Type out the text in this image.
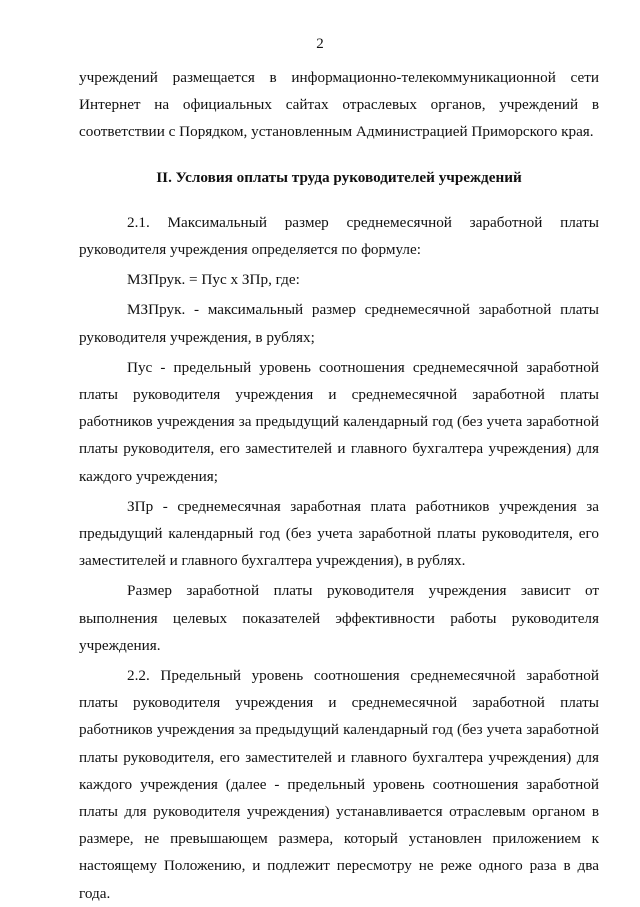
2

учреждений размещается в информационно-телекоммуникационной сети Интернет на официальных сайтах отраслевых органов, учреждений в соответствии с Порядком, установленным Администрацией Приморского края.

II. Условия оплаты труда руководителей учреждений

2.1. Максимальный размер среднемесячной заработной платы руководителя учреждения определяется по формуле:

МЗПрук. = Пус х ЗПр, где:

МЗПрук. - максимальный размер среднемесячной заработной платы руководителя учреждения, в рублях;

Пус - предельный уровень соотношения среднемесячной заработной платы руководителя учреждения и среднемесячной заработной платы работников учреждения за предыдущий календарный год (без учета заработной платы руководителя, его заместителей и главного бухгалтера учреждения) для каждого учреждения;

ЗПр - среднемесячная заработная плата работников учреждения за предыдущий календарный год (без учета заработной платы руководителя, его заместителей и главного бухгалтера учреждения), в рублях.

Размер заработной платы руководителя учреждения зависит от выполнения целевых показателей эффективности работы руководителя учреждения.

2.2. Предельный уровень соотношения среднемесячной заработной платы руководителя учреждения и среднемесячной заработной платы работников учреждения за предыдущий календарный год (без учета заработной платы руководителя, его заместителей и главного бухгалтера учреждения) для каждого учреждения (далее - предельный уровень соотношения заработной платы для руководителя учреждения) устанавливается отраслевым органом в размере, не превышающем размера, который установлен приложением к настоящему Положению, и подлежит пересмотру не реже одного раза в два года.
